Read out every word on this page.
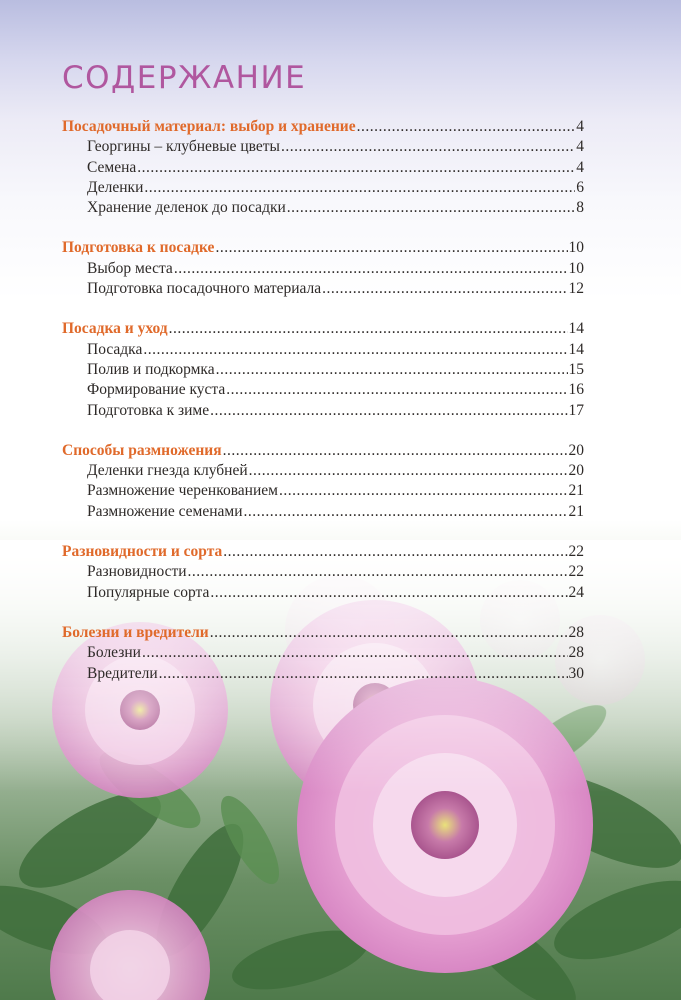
СОДЕРЖАНИЕ
Посадочный материал: выбор и хранение .....	4
Георгины – клубневые цветы .....	4
Семена .....	4
Деленки .....	6
Хранение деленок до посадки .....	8
Подготовка к посадке .....	10
Выбор места .....	10
Подготовка посадочного материала .....	12
Посадка и уход .....	14
Посадка .....	14
Полив и подкормка .....	15
Формирование куста .....	16
Подготовка к зиме .....	17
Способы размножения .....	20
Деленки гнезда клубней .....	20
Размножение черенкованием .....	21
Размножение семенами .....	21
Разновидности и сорта .....	22
Разновидности .....	22
Популярные сорта .....	24
Болезни и вредители .....	28
Болезни .....	28
Вредители .....	30
